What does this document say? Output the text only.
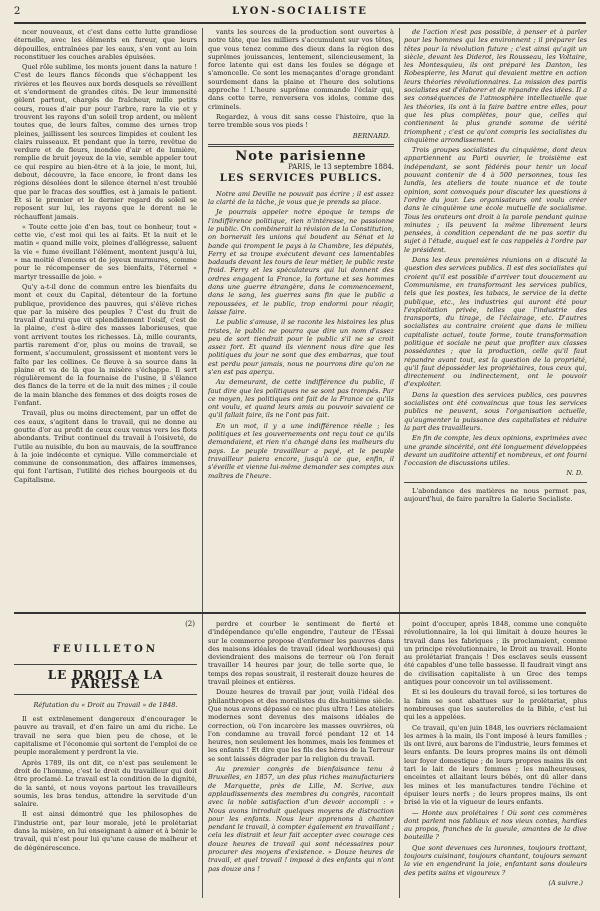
2	LYON-SOCIALISTE

ncer nouveaux, et c'est dans cette lutte grandiose éternelle, avec les éléments en fureur, que leurs dépouilles, entraînées par les eaux, s'en vont au loin reconstituer les couches arables épuisées.

Quel rôle sublime, les monts jouent dans la nature ! C'est de leurs flancs féconds que s'échappent les rivières et les fleuves aux bords desquels se réveillent et s'endorment de grandes cités. De leur immensité gèlent partout, chargés de fraîcheur, mille petits cours, roues d'air pur pour l'arbre, rare la vie et y trouvent les rayons d'un soleil trop ardent, ou mêlent toutes que, de leurs faîtes, comme des urnes trop pleines, jaillissent les sources limpides et coulent les clairs ruisseaux. Et pendant que la terre, revêtue de verdure et de fleurs, inondée d'air et de lumière, remplie de bruit joyeux de la vie, semble appeler tout ce qui respire au bien-être et à la joie, le mont, lui, debout, découvre, la face encore, le front dans les régions désolées dont le silence éternel n'est troublé que par le fracas des souffles, est à jamais le patient. Et si le premier et le dernier regard du soleil se reposent sur lui, les rayons que le dorent ne le réchauffent jamais.

« Toute cette joie d'en bas, tout ce bonheur, tout « cette vie, c'est moi qui les ai faits. Et la nuit et le matin « quand mille voix, pleines d'allégresse, saluent la vie « fume éveillant l'élément, montent jusqu'à lui, « ma moitié d'encens et de joyeux murmures, comme pour le récompenser de ses bienfaits, l'éternel « martyr tressaille de joie. »

Qu'y a-t-il donc de commun entre les bienfaits du mont et ceux du Capital, détenteur de la fortune publique, providence des pauvres, qui s'élève riches que par la misère des peuples ? C'est du fruit de travail d'autrui que vit splendidement l'oisif, c'est de la plaine, c'est à-dire des masses laborieuses, que vont arrivent toutes les richesses. Là, mille courants, partis rarement d'or, plus ou moins de travail, se forment, s'accumulent, grossissent et montent vers le faîte par les collines. Ce fleuve à sa source dans la plaine et va de là que la misère s'échappe. Il sert régulièrement de la fournaise de l'usine, il s'élance des flancs de la terre et de la nuit des mines ; il coule de la main blanche des femmes et des doigts roses de l'enfant.

Travail, plus ou moins directement, par un effet de ces eaux, s'agitent dans le travail, qui ne donne au goutte d'or au profit de ceux ceux venus vers les flots abondants. Tribut continuel du travail à l'oisiveté, de l'utile au nuisible, du bon au mauvais, de la souffrance à la joie indécente et cynique. Ville commerciale et commune de consommation, des affaires immenses, qui font l'artisan, l'utilité des riches bourgeois et du Capitalisme.

vants les sources de la production sont ouvertes à notre tâte, que les milliers s'accumulent sur vos têtes, que vous tenez comme des dieux dans la région des suprêmes jouissances, lentement, silencieusement, la force latente qui est dans les foules se dégage et s'amoncelle. Ce sont les menaçantes d'orage grondant sourdement dans la plaine et l'heure des solutions approche ! L'heure suprême commande l'éclair qui, dans cette terre, renversera vos idoles, comme des criminels.

Regardez, à vous dit sans cesse l'histoire, que la terre tremble sous vos pieds !

BERNARD.
Note parisienne
PARIS, le 13 septembre 1884.
LES SERVICES PUBLICS.

Notre ami Deville ne pouvait pas écrire ; il est assez la clarté de la tâche, je vous que je prends sa place.

Je pourrais appeler notre époque le temps de l'indifférence politique, rien n'intéresse, ne passionne le public. On combinerait la révision de la Constitution, on bornerait les unions qui boudent au Sénat et la bande qui trompent le pays à la Chambre, les députés, Ferry et sa troupe exécutent devant ces lamentables badauds devant les tours de leur métier, le public reste froid. Ferry et les spéculateurs qui lui donnent des ordres engagent la France, la fortune et ses hommes dans une guerre étrangère, dans le commencement, dans le sang, les guerres sans fin que le public a repoussées, et le public, trop endormi pour réagir, laisse faire.

Le public s'amuse, il se raconte les histoires les plus tristes, le public ne pourra que dire un nom d'assez peu de sort tiendrait pour le public s'il ne se croit assez fort. Et quand ils viennent nous dire que les politiques du jour ne sont que des embarras, que tout est perdu pour jamais, nous ne pourrons dire qu'on ne s'en est pas aperçu.

Au demeurant, de cette indifférence du public, il faut dire que les politiques ne se sont pas trompés. Par ce moyen, les politiques ont fait de la France ce qu'ils ont voulu, et quand leurs amis au pouvoir savaient ce qu'il fallait faire, ils ne l'ont pas fait.

En un mot, il y a une indifférence réelle ; les politiques et les gouvernements ont reçu tout ce qu'ils demandaient, et rien n'a changé dans les malheurs du pays. Le peuple travailleur a payé, et le peuple travailleur paiera encore, jusqu'à ce que, enfin, il s'éveille et vienne lui-même demander ses comptes aux maîtres de l'heure.

de l'action n'est pas possible, à penser et à parler pour les hommes qui les environnent ; il préparer les têtes pour la révolution future ; c'est ainsi qu'agit un siècle, devant les Diderot, les Rousseau, les Voltaire, les Montesquieu, ils ont préparé les Danton, les Robespierre, les Marat qui devaient mettre en action leurs théories révolutionnaires. La mission des partis socialistes est d'élaborer et de répandre des idées. Il a ses conséquences de l'atmosphère intellectuelle que les théories, ils ont à la faire battre entre elles, pour que les plus complètes, pour que, celles qui contiennent la plus grande somme de vérité triomphent ; c'est ce qu'ont compris les socialistes du cinquième arrondissement.

Trois groupes socialistes du cinquième, dont deux appartiennent au Parti ouvrier, le troisième est indépendant, se sont fédérés pour tenir un local pouvant contenir de 4 à 500 personnes, tous les lundis, les ateliers de toute nuance et de toute opinion, sont convoqués pour discuter les questions à l'ordre du jour. Les organisateurs ont voulu créer dans le cinquième une école mutuelle de socialisme. Tous les orateurs ont droit à la parole pendant quinze minutes ; ils peuvent la même librement leurs pensées, à condition cependant de ne pas sortir du sujet à l'étude, auquel est le cas rappelés à l'ordre par le président.

Dans les deux premières réunions on a discuté la question des services publics. Il est des socialistes qui croient qu'il est possible d'arriver tout doucement au Communisme, en transformant les services publics, tels que les postes, les tabacs, le service de la dette publique, etc., les industries qui auront été pour l'exploitation privée, telles que l'industrie des transports, du tirage, de l'éclairage, etc. D'autres socialistes au contraire croient que dans le milieu capitaliste actuel, toute forme, toute transformation politique et sociale ne peut que profiter aux classes possédantes ; que la production, celle qu'il faut répandre avant tout, est la question de la propriété, qu'il faut déposséder les propriétaires, tous ceux qui, directement ou indirectement, ont le pouvoir d'exploiter.

Dans la question des services publics, ces pauvres socialistes ont été convaincus que tous les services publics ne peuvent, sous l'organisation actuelle, qu'augmenter la puissance des capitalistes et réduire la part des travailleurs.

En fin de compte, les deux opinions, exprimées avec une grande sincérité, ont été longuement développées devant un auditoire attentif et nombreux, et ont fourni l'occasion de discussions utiles.

N. D.

L'abondance des matières ne nous permet pas, aujourd'hui, de faire paraître la Galerie Socialiste.

(2)
FEUILLETON
LE DROIT A LA PARESSE
Réfutation du « Droit au Travail » de 1848.

Il est extrêmement dangereux d'encourager le pauvre au travail, et d'en faire un ami du riche. Le travail ne sera que bien peu de chose, et le capitalisme et l'économie qui sortent de l'emploi de ce peuple moralement y perdront la vie.

Après 1789, ils ont dit, ce n'est pas seulement le droit de l'homme, c'est le droit du travailleur qui doit être proclamé. Le travail est la condition de la dignité, de la santé, et nous voyons partout les travailleurs soumis, les bras tendus, attendre la servitude d'un salaire.

Il est ainsi démontré que les philosophes de l'industrie ont, par leur morale, jeté le prolétariat dans la misère, en lui enseignant à aimer et à bénir le travail, qui n'est pour lui qu'une cause de malheur et de dégénérescence.

perdre et courber le sentiment de fierté et d'indépendance qu'elle engendre, l'auteur de l'Essai sur le commerce propose d'enfermer les pauvres dans des maisons idéales de travail (ideal workhouses) qui deviendraient des maisons de terreur où l'on ferait travailler 14 heures par jour, de telle sorte que, le temps des repas soustrait, il resterait douze heures de travail pleines et entières.

Douze heures de travail par jour, voilà l'idéal des philanthropes et des moralistes du dix-huitième siècle. Que nous avons dépassé ce nec plus ultra ! Les ateliers modernes sont devenus des maisons idéales de correction, où l'on incarcère les masses ouvrières, où l'on condamne au travail forcé pendant 12 et 14 heures, non seulement les hommes, mais les femmes et les enfants ! Et dire que les fils des héros de la Terreur se sont laissés dégrader par la religion du travail.

Au premier congrès de bienfaisance tenu à Bruxelles, en 1857, un des plus riches manufacturiers de Marquette, près de Lille, M. Scrive, aux applaudissements des membres du congrès, racontait avec la noble satisfaction d'un devoir accompli : « Nous avons introduit quelques moyens de distraction pour les enfants. Nous leur apprenons à chanter pendant le travail, à compter également en travaillant ; cela les distrait et leur fait accepter avec courage ces douze heures de travail qui sont nécessaires pour procurer des moyens d'existence. » Douze heures de travail, et quel travail ! imposé à des enfants qui n'ont pas douze ans !

point d'occuper, après 1848, comme une conquête révolutionnaire, la loi qui limitait à douze heures le travail dans les fabriques ; ils proclamaient, comme un principe révolutionnaire, le Droit au travail. Honte au prolétariat français ! Des esclaves seuls eussent été capables d'une telle bassesse. Il faudrait vingt ans de civilisation capitaliste à un Grec des temps antiques pour concevoir un tel avilissement.

Et si les douleurs du travail forcé, si les tortures de la faim se sont abattues sur le prolétariat, plus nombreuses que les sauterelles de la Bible, c'est lui qui les a appelées.

Ce travail, qu'en juin 1848, les ouvriers réclamaient les armes à la main, ils l'ont imposé à leurs familles ; ils ont livré, aux barons de l'industrie, leurs femmes et leurs enfants. De leurs propres mains ils ont démoli leur foyer domestique ; de leurs propres mains ils ont tari le lait de leurs femmes ; les malheureuses, enceintes et allaitant leurs bébés, ont dû aller dans les mines et les manufactures tendre l'échine et épuiser leurs nerfs ; de leurs propres mains, ils ont brisé la vie et la vigueur de leurs enfants.

— Honte aux prolétaires ! Où sont ces commères dont parlent nos fabliaux et nos vieux contes, hardies au propos, franches de la gueule, amantes de la dive bouteille ?

Que sont devenues ces luronnes, toujours trottant, toujours cuisinant, toujours chantant, toujours semant la vie en engendrant la joie, enfantant sans douleurs des petits sains et vigoureux ?

(A suivre.)
